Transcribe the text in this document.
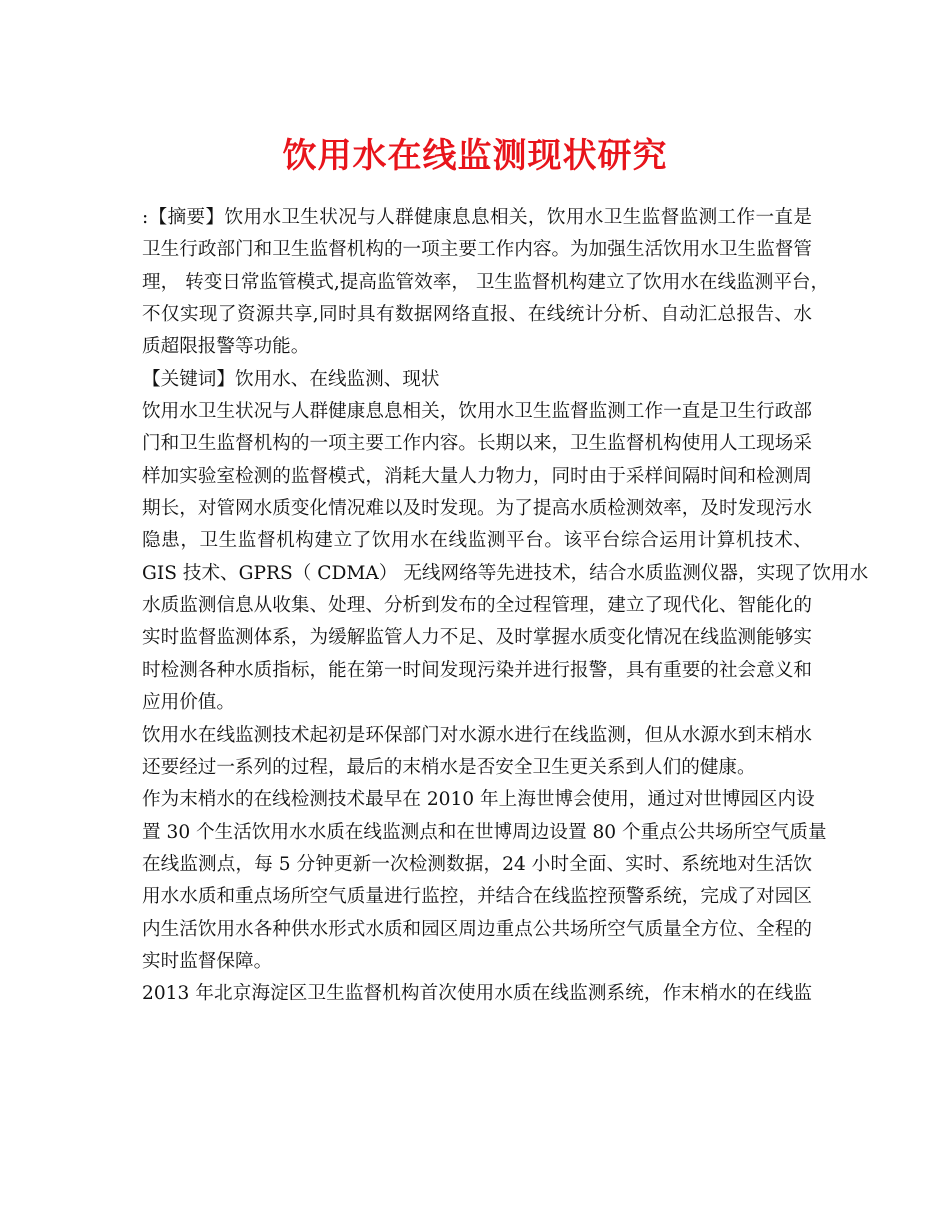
饮用水在线监测现状研究
:【摘要】饮用水卫生状况与人群健康息息相关，饮用水卫生监督监测工作一直是
卫生行政部门和卫生监督机构的一项主要工作内容。为加强生活饮用水卫生监督管
理， 转变日常监管模式,提高监管效率， 卫生监督机构建立了饮用水在线监测平台，
不仅实现了资源共享,同时具有数据网络直报、在线统计分析、自动汇总报告、水
质超限报警等功能。
【关键词】饮用水、在线监测、现状
饮用水卫生状况与人群健康息息相关，饮用水卫生监督监测工作一直是卫生行政部
门和卫生监督机构的一项主要工作内容。长期以来，卫生监督机构使用人工现场采
样加实验室检测的监督模式，消耗大量人力物力，同时由于采样间隔时间和检测周
期长，对管网水质变化情况难以及时发现。为了提高水质检测效率，及时发现污水
隐患，卫生监督机构建立了饮用水在线监测平台。该平台综合运用计算机技术、
GIS 技术、GPRS（ CDMA） 无线网络等先进技术，结合水质监测仪器，实现了饮用水
水质监测信息从收集、处理、分析到发布的全过程管理，建立了现代化、智能化的
实时监督监测体系，为缓解监管人力不足、及时掌握水质变化情况在线监测能够实
时检测各种水质指标，能在第一时间发现污染并进行报警，具有重要的社会意义和
应用价值。
饮用水在线监测技术起初是环保部门对水源水进行在线监测，但从水源水到末梢水
还要经过一系列的过程，最后的末梢水是否安全卫生更关系到人们的健康。
作为末梢水的在线检测技术最早在 2010 年上海世博会使用，通过对世博园区内设
置 30 个生活饮用水水质在线监测点和在世博周边设置 80 个重点公共场所空气质量
在线监测点，每 5 分钟更新一次检测数据，24 小时全面、实时、系统地对生活饮
用水水质和重点场所空气质量进行监控，并结合在线监控预警系统，完成了对园区
内生活饮用水各种供水形式水质和园区周边重点公共场所空气质量全方位、全程的
实时监督保障。
2013 年北京海淀区卫生监督机构首次使用水质在线监测系统，作末梢水的在线监
